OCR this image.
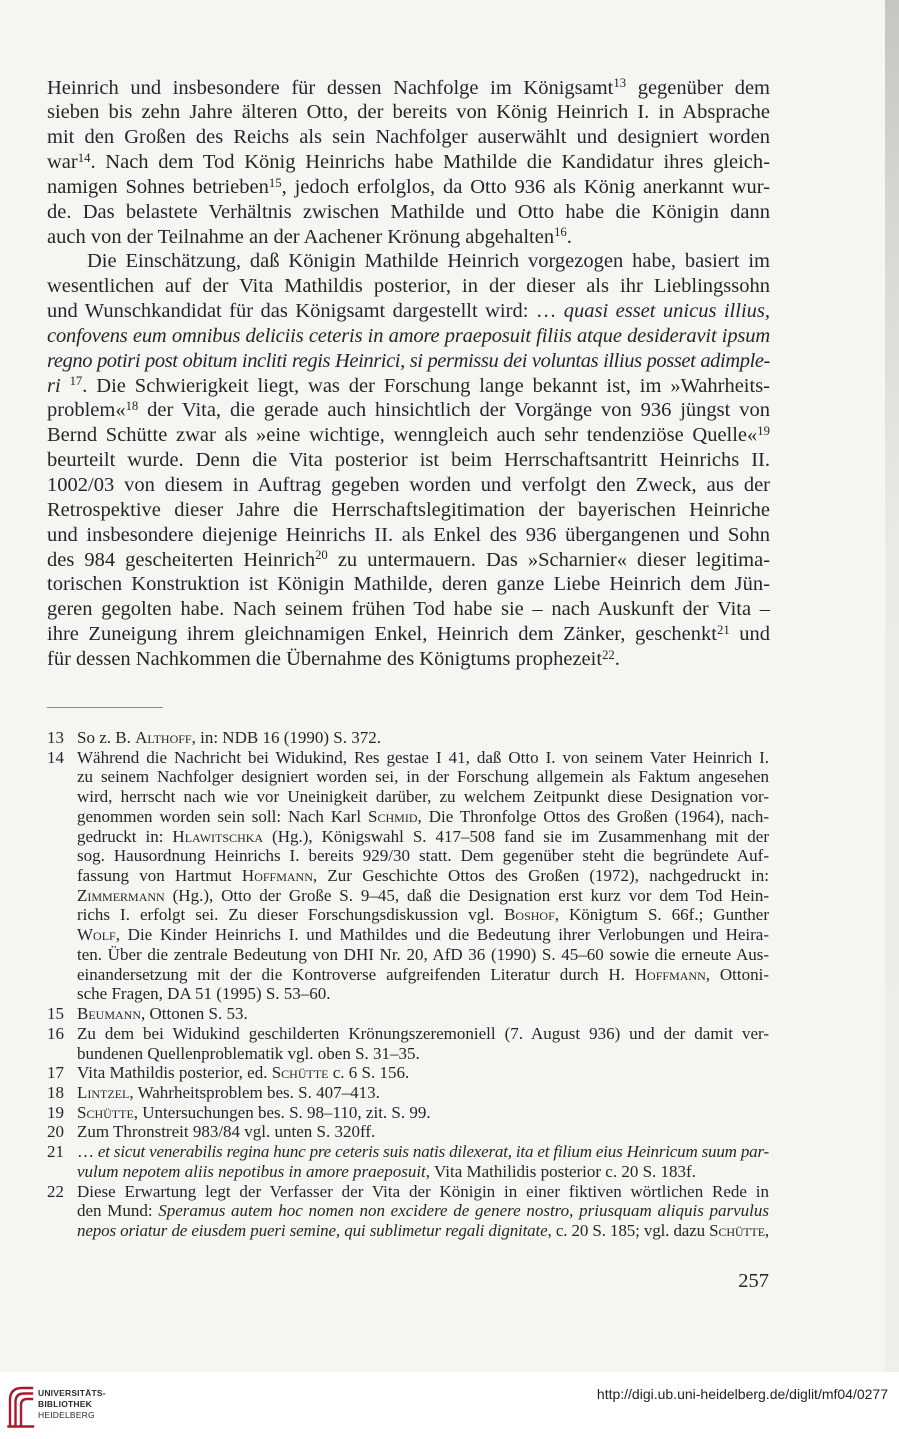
Heinrich und insbesondere für dessen Nachfolge im Königsamt$^{13}$ gegenüber dem
sieben bis zehn Jahre älteren Otto, der bereits von König Heinrich I. in Absprache
mit den Großen des Reichs als sein Nachfolger auserwählt und designiert worden
war$^{14}$. Nach dem Tod König Heinrichs habe Mathilde die Kandidatur ihres gleich-
namigen Sohnes betrieben$^{15}$, jedoch erfolglos, da Otto 936 als König anerkannt wur-
de. Das belastete Verhältnis zwischen Mathilde und Otto habe die Königin dann
auch von der Teilnahme an der Aachener Krönung abgehalten$^{16}$.
Die Einschätzung, daß Königin Mathilde Heinrich vorgezogen habe, basiert im
wesentlichen auf der Vita Mathildis posterior, in der dieser als ihr Lieblingssohn
und Wunschkandidat für das Königsamt dargestellt wird: … quasi esset unicus illius,
confovens eum omnibus deliciis ceteris in amore praeposuit filiis atque desideravit ipsum
regno potiri post obitum incliti regis Heinrici, si permissu dei voluntas illius posset adimple-
ri $^{17}$. Die Schwierigkeit liegt, was der Forschung lange bekannt ist, im »Wahrheits-
problem«$^{18}$ der Vita, die gerade auch hinsichtlich der Vorgänge von 936 jüngst von
Bernd Schütte zwar als »eine wichtige, wenngleich auch sehr tendenziöse Quelle«$^{19}$
beurteilt wurde. Denn die Vita posterior ist beim Herrschaftsantritt Heinrichs II.
1002/03 von diesem in Auftrag gegeben worden und verfolgt den Zweck, aus der
Retrospektive dieser Jahre die Herrschaftslegitimation der bayerischen Heinriche
und insbesondere diejenige Heinrichs II. als Enkel des 936 übergangenen und Sohn
des 984 gescheiterten Heinrich$^{20}$ zu untermauern. Das »Scharnier« dieser legitima-
torischen Konstruktion ist Königin Mathilde, deren ganze Liebe Heinrich dem Jün-
geren gegolten habe. Nach seinem frühen Tod habe sie – nach Auskunft der Vita –
ihre Zuneigung ihrem gleichnamigen Enkel, Heinrich dem Zänker, geschenkt$^{21}$ und
für dessen Nachkommen die Übernahme des Königtums prophezeit$^{22}$.
13 So z. B. Althoff, in: NDB 16 (1990) S. 372.
14 Während die Nachricht bei Widukind, Res gestae I 41, daß Otto I. von seinem Vater Heinrich I.
zu seinem Nachfolger designiert worden sei, in der Forschung allgemein als Faktum angesehen
wird, herrscht nach wie vor Uneinigkeit darüber, zu welchem Zeitpunkt diese Designation vor-
genommen worden sein soll: Nach Karl Schmid, Die Thronfolge Ottos des Großen (1964), nach-
gedruckt in: Hlawitschka (Hg.), Königswahl S. 417–508 fand sie im Zusammenhang mit der
sog. Hausordnung Heinrichs I. bereits 929/30 statt. Dem gegenüber steht die begründete Auf-
fassung von Hartmut Hoffmann, Zur Geschichte Ottos des Großen (1972), nachgedruckt in:
Zimmermann (Hg.), Otto der Große S. 9–45, daß die Designation erst kurz vor dem Tod Hein-
richs I. erfolgt sei. Zu dieser Forschungsdiskussion vgl. Boshof, Königtum S. 66f.; Gunther
Wolf, Die Kinder Heinrichs I. und Mathildes und die Bedeutung ihrer Verlobungen und Heira-
ten. Über die zentrale Bedeutung von DHI Nr. 20, AfD 36 (1990) S. 45–60 sowie die erneute Aus-
einandersetzung mit der die Kontroverse aufgreifenden Literatur durch H. Hoffmann, Ottoni-
sche Fragen, DA 51 (1995) S. 53–60.
15 Beumann, Ottonen S. 53.
16 Zu dem bei Widukind geschilderten Krönungszeremoniell (7. August 936) und der damit ver-
bundenen Quellenproblematik vgl. oben S. 31–35.
17 Vita Mathildis posterior, ed. Schütte c. 6 S. 156.
18 Lintzel, Wahrheitsproblem bes. S. 407–413.
19 Schütte, Untersuchungen bes. S. 98–110, zit. S. 99.
20 Zum Thronstreit 983/84 vgl. unten S. 320ff.
21 … et sicut venerabilis regina hunc pre ceteris suis natis dilexerat, ita et filium eius Heinricum suum par-
vulum nepotem aliis nepotibus in amore praeposuit, Vita Mathilidis posterior c. 20 S. 183f.
22 Diese Erwartung legt der Verfasser der Vita der Königin in einer fiktiven wörtlichen Rede in
den Mund: Speramus autem hoc nomen non excidere de genere nostro, priusquam aliquis parvulus
nepos oriatur de eiusdem pueri semine, qui sublimetur regali dignitate, c. 20 S. 185; vgl. dazu Schütte,
257
UNIVERSITÄTS-
BIBLIOTHEK
HEIDELBERG
http://digi.ub.uni-heidelberg.de/diglit/mf04/0277
